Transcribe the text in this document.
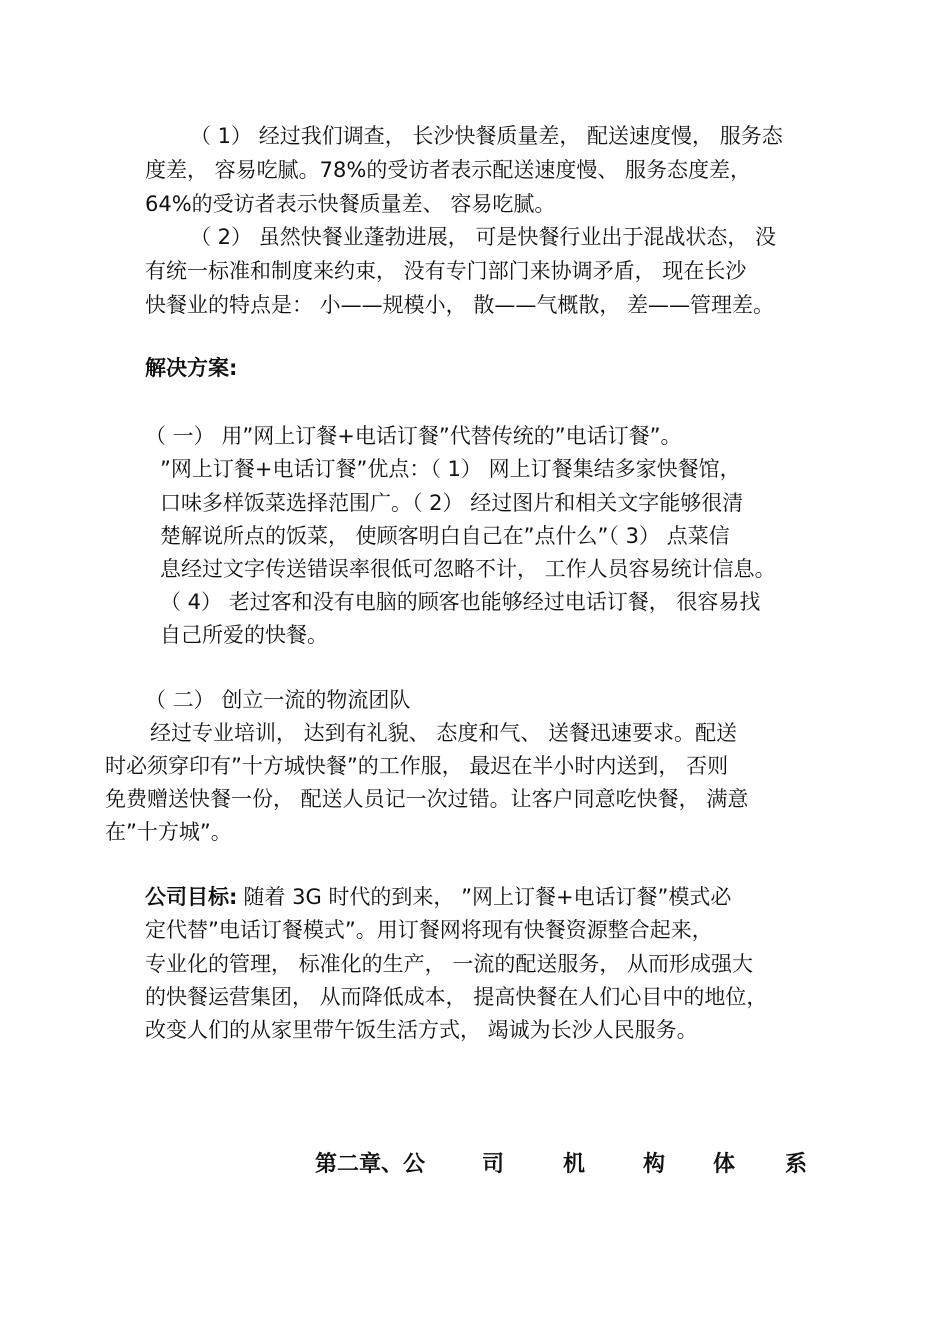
（ 1） 经过我们调查， 长沙快餐质量差， 配送速度慢， 服务态
度差， 容易吃腻。78%的受访者表示配送速度慢、 服务态度差，
64%的受访者表示快餐质量差、 容易吃腻。
（ 2） 虽然快餐业蓬勃进展， 可是快餐行业出于混战状态， 没
有统一标准和制度来约束， 没有专门部门来协调矛盾， 现在长沙
快餐业的特点是： 小——规模小， 散——气概散， 差——管理差。
解决方案:
（ 一） 用”网上订餐+电话订餐”代替传统的”电话订餐”。
”网上订餐+电话订餐”优点：（ 1） 网上订餐集结多家快餐馆，
口味多样饭菜选择范围广。（ 2） 经过图片和相关文字能够很清
楚解说所点的饭菜， 使顾客明白自己在”点什么”（ 3） 点菜信
息经过文字传送错误率很低可忽略不计， 工作人员容易统计信息。
（ 4） 老过客和没有电脑的顾客也能够经过电话订餐， 很容易找
自己所爱的快餐。
（ 二） 创立一流的物流团队
经过专业培训， 达到有礼貌、 态度和气、 送餐迅速要求。配送
时必须穿印有”十方城快餐”的工作服， 最迟在半小时内送到， 否则
免费赠送快餐一份， 配送人员记一次过错。让客户同意吃快餐， 满意
在”十方城”。
公司目标: 随着 3G 时代的到来， ”网上订餐+电话订餐”模式必
定代替”电话订餐模式”。用订餐网将现有快餐资源整合起来，
专业化的管理， 标准化的生产， 一流的配送服务， 从而形成强大
的快餐运营集团， 从而降低成本， 提高快餐在人们心目中的地位，
改变人们的从家里带午饭生活方式， 竭诚为长沙人民服务。
第二章、公	司	机	构 体 系
